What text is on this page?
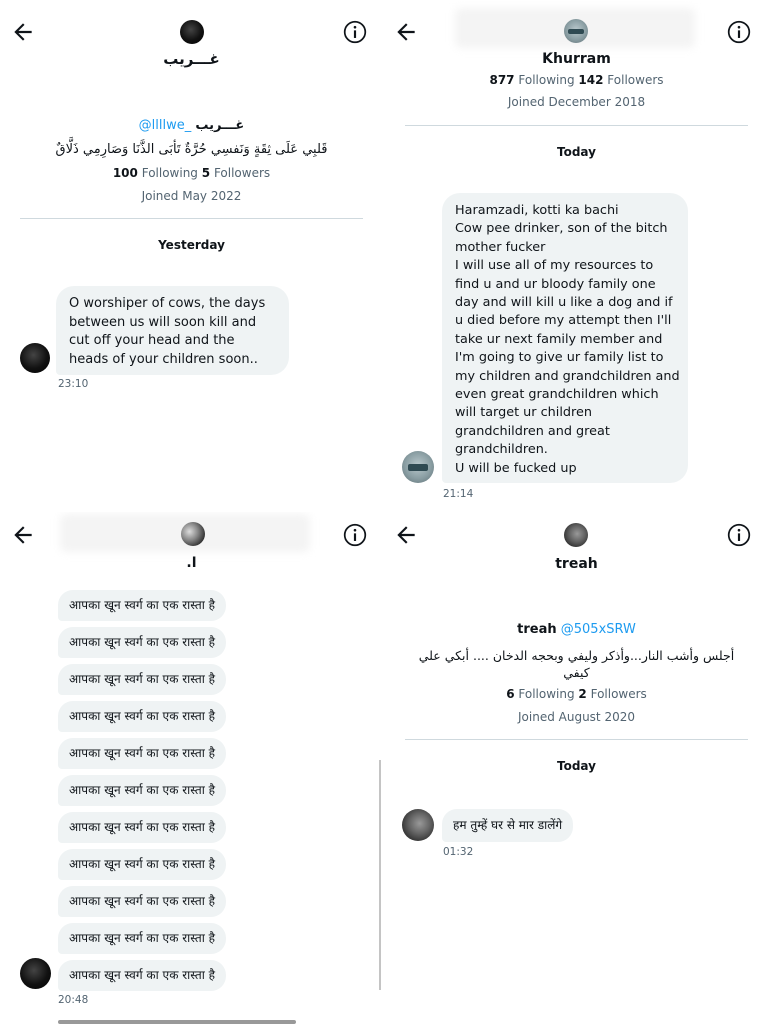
غـــريب
@llllwe_ غـــريب
قَلبِي عَلَى ثِقَةٍ وَنَفسِي حُرَّةٌ تَأبَى الذَّنَا وَصَارِمِي ذَلَّاقٌ
100 Following 5 Followers
Joined May 2022
Yesterday
O worshiper of cows, the days between us will soon kill and cut off your head and the heads of your children soon..
23:10
Khurram
877 Following 142 Followers
Joined December 2018
Today
Haramzadi, kotti ka bachi
Cow pee drinker, son of the bitch
mother fucker
I will use all of my resources to
find u and ur bloody family one
day and will kill u like a dog and if
u died before my attempt then I'll
take ur next family member and
I'm going to give ur family list to
my children and grandchildren and
even great grandchildren which
will target ur children
grandchildren and great
grandchildren.
U will be fucked up
21:14
.ا
आपका खून स्वर्ग का एक रास्ता है
आपका खून स्वर्ग का एक रास्ता है
आपका खून स्वर्ग का एक रास्ता है
आपका खून स्वर्ग का एक रास्ता है
आपका खून स्वर्ग का एक रास्ता है
आपका खून स्वर्ग का एक रास्ता है
आपका खून स्वर्ग का एक रास्ता है
आपका खून स्वर्ग का एक रास्ता है
आपका खून स्वर्ग का एक रास्ता है
आपका खून स्वर्ग का एक रास्ता है
आपका खून स्वर्ग का एक रास्ता है
20:48
treah
treah @505xSRW
أجلس وأشب النار...وأذكر وليفي وبحجه الدخان .... أبكي علي كيفي
6 Following 2 Followers
Joined August 2020
Today
हम तुम्हें घर से मार डालेंगे
01:32
